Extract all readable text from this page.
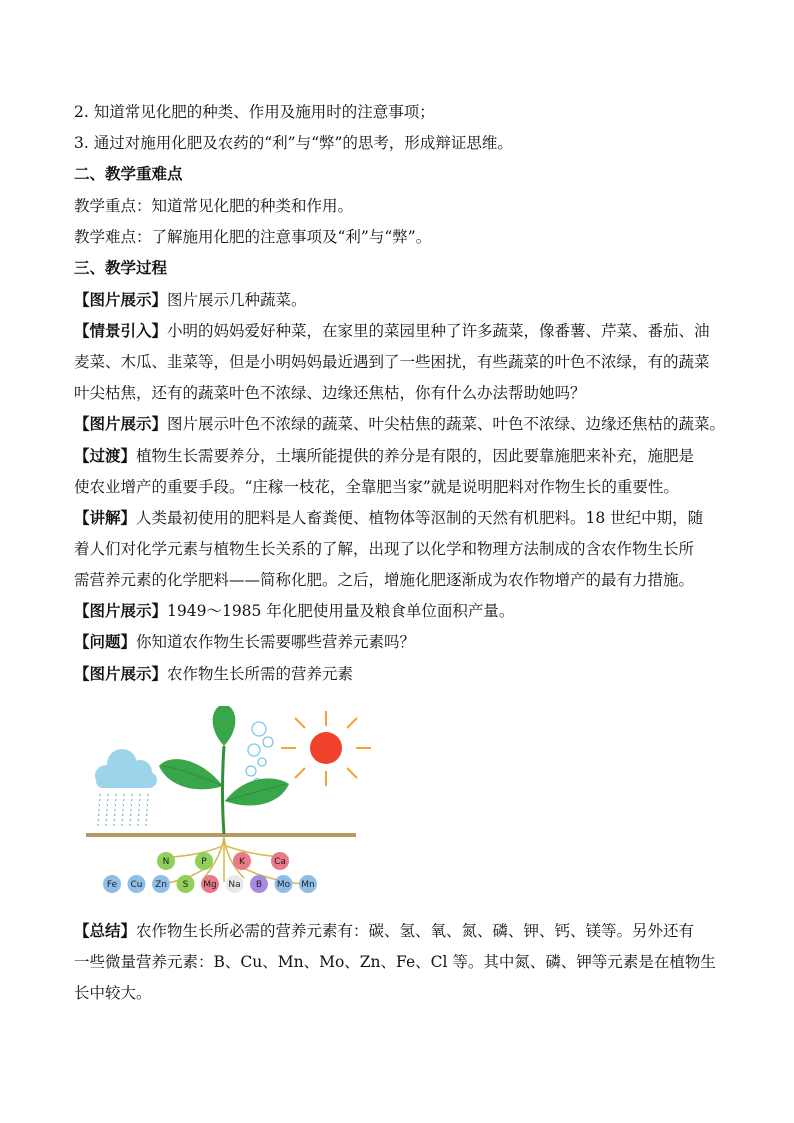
2. 知道常见化肥的种类、作用及施用时的注意事项；
3. 通过对施用化肥及农药的“利”与“弊”的思考，形成辩证思维。
二、教学重难点
教学重点：知道常见化肥的种类和作用。
教学难点：了解施用化肥的注意事项及“利”与“弊”。
三、教学过程
【图片展示】图片展示几种蔬菜。
【情景引入】小明的妈妈爱好种菜，在家里的菜园里种了许多蔬菜，像番薯、芹菜、番茄、油
麦菜、木瓜、韭菜等，但是小明妈妈最近遇到了一些困扰，有些蔬菜的叶色不浓绿，有的蔬菜
叶尖枯焦，还有的蔬菜叶色不浓绿、边缘还焦枯，你有什么办法帮助她吗？
【图片展示】图片展示叶色不浓绿的蔬菜、叶尖枯焦的蔬菜、叶色不浓绿、边缘还焦枯的蔬菜。
【过渡】植物生长需要养分，土壤所能提供的养分是有限的，因此要靠施肥来补充，施肥是
使农业增产的重要手段。“庄稼一枝花，全靠肥当家”就是说明肥料对作物生长的重要性。
【讲解】人类最初使用的肥料是人畜粪便、植物体等沤制的天然有机肥料。18 世纪中期，随
着人们对化学元素与植物生长关系的了解，出现了以化学和物理方法制成的含农作物生长所
需营养元素的化学肥料——简称化肥。之后，增施化肥逐渐成为农作物增产的最有力措施。
【图片展示】1949～1985 年化肥使用量及粮食单位面积产量。
【问题】你知道农作物生长需要哪些营养元素吗？
【图片展示】农作物生长所需的营养元素
N	P	K	Ca
Fe Cu Zn S Mg Na B Mo Mn
【总结】农作物生长所必需的营养元素有：碳、氢、氧、氮、磷、钾、钙、镁等。另外还有
一些微量营养元素：B、Cu、Mn、Mo、Zn、Fe、Cl 等。其中氮、磷、钾等元素是在植物生
长中较大。
